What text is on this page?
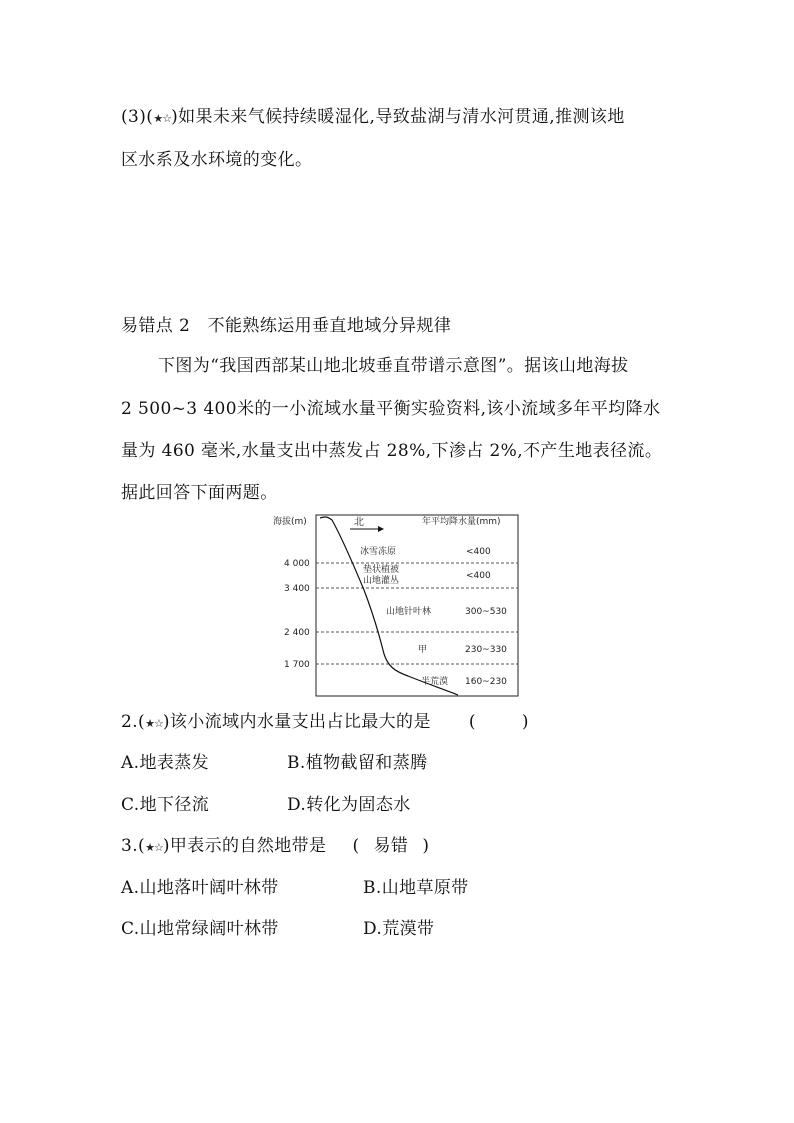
(3)(★☆)如果未来气候持续暖湿化,导致盐湖与清水河贯通,推测该地
区水系及水环境的变化。
易错点 2　不能熟练运用垂直地域分异规律
下图为“我国西部某山地北坡垂直带谱示意图”。据该山地海拔
2 500~3 400米的一小流域水量平衡实验资料,该小流域多年平均降水
量为 460 毫米,水量支出中蒸发占 28%,下渗占 2%,不产生地表径流。
据此回答下面两题。
北
海拔(m)	年平均降水量(mm)
4 000
3 400
2 400
1 700
冰雪冻原	<400
垫状植被
山地灌丛	<400
山地针叶林	300~530
甲	230~330
半荒漠 160~230
2.(★☆)该小流域内水量支出占比最大的是 (	)
A.地表蒸发	B.植物截留和蒸腾
C.地下径流	D.转化为固态水
3.(★☆)甲表示的自然地带是 ( 易错 )
A.山地落叶阔叶林带	B.山地草原带
C.山地常绿阔叶林带	D.荒漠带
